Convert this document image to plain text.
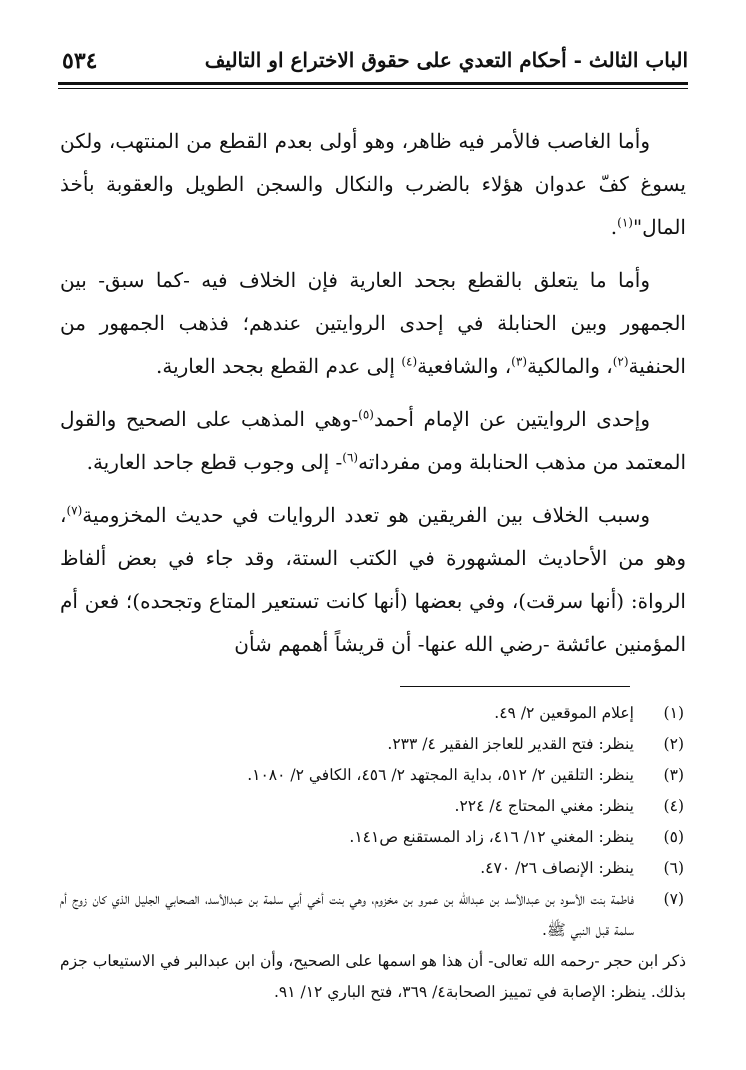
الباب الثالث - أحكام التعدي على حقوق الاختراع او التاليف
٥٣٤

وأما الغاصب فالأمر فيه ظاهر، وهو أولى بعدم القطع من المنتهب، ولكن يسوغ كفّ عدوان هؤلاء بالضرب والنكال والسجن الطويل والعقوبة بأخذ المال"$^{(١)}$.

وأما ما يتعلق بالقطع بجحد العارية فإن الخلاف فيه -كما سبق- بين الجمهور وبين الحنابلة في إحدى الروايتين عندهم؛ فذهب الجمهور من الحنفية$^{(٢)}$، والمالكية$^{(٣)}$، والشافعية$^{(٤)}$ إلى عدم القطع بجحد العارية.

وإحدى الروايتين عن الإمام أحمد$^{(٥)}$-وهي المذهب على الصحيح والقول المعتمد من مذهب الحنابلة ومن مفرداته$^{(٦)}$- إلى وجوب قطع جاحد العارية.

وسبب الخلاف بين الفريقين هو تعدد الروايات في حديث المخزومية$^{(٧)}$، وهو من الأحاديث المشهورة في الكتب الستة، وقد جاء في بعض ألفاظ الرواة: (أنها سرقت)، وفي بعضها (أنها كانت تستعير المتاع وتجحده)؛ فعن أم المؤمنين عائشة -رضي الله عنها- أن قريشاً أهمهم شأن

(١)
إعلام الموقعين ٢/ ٤٩.
(٢)
ينظر: فتح القدير للعاجز الفقير ٤/ ٢٣٣.
(٣)
ينظر: التلقين ٢/ ٥١٢، بداية المجتهد ٢/ ٤٥٦، الكافي ٢/ ١٠٨٠.
(٤)
ينظر: مغني المحتاج ٤/ ٢٢٤.
(٥)
ينظر: المغني ١٢/ ٤١٦، زاد المستقنع ص١٤١.
(٦)
ينظر: الإنصاف ٢٦/ ٤٧٠.
(٧)
فاطمة بنت الأسود بن عبدالأسد بن عبدالله بن عمرو بن مخزوم، وهي بنت أخي أبي سلمة بن عبدالأسد، الصحابي الجليل الذي كان زوج أم سلمة قبل النبي ﷺ.
ذكر ابن حجر -رحمه الله تعالى- أن هذا هو اسمها على الصحيح، وأن ابن عبدالبر في الاستيعاب جزم بذلك. ينظر: الإصابة في تمييز الصحابة٤/ ٣٦٩، فتح الباري ١٢/ ٩١.
